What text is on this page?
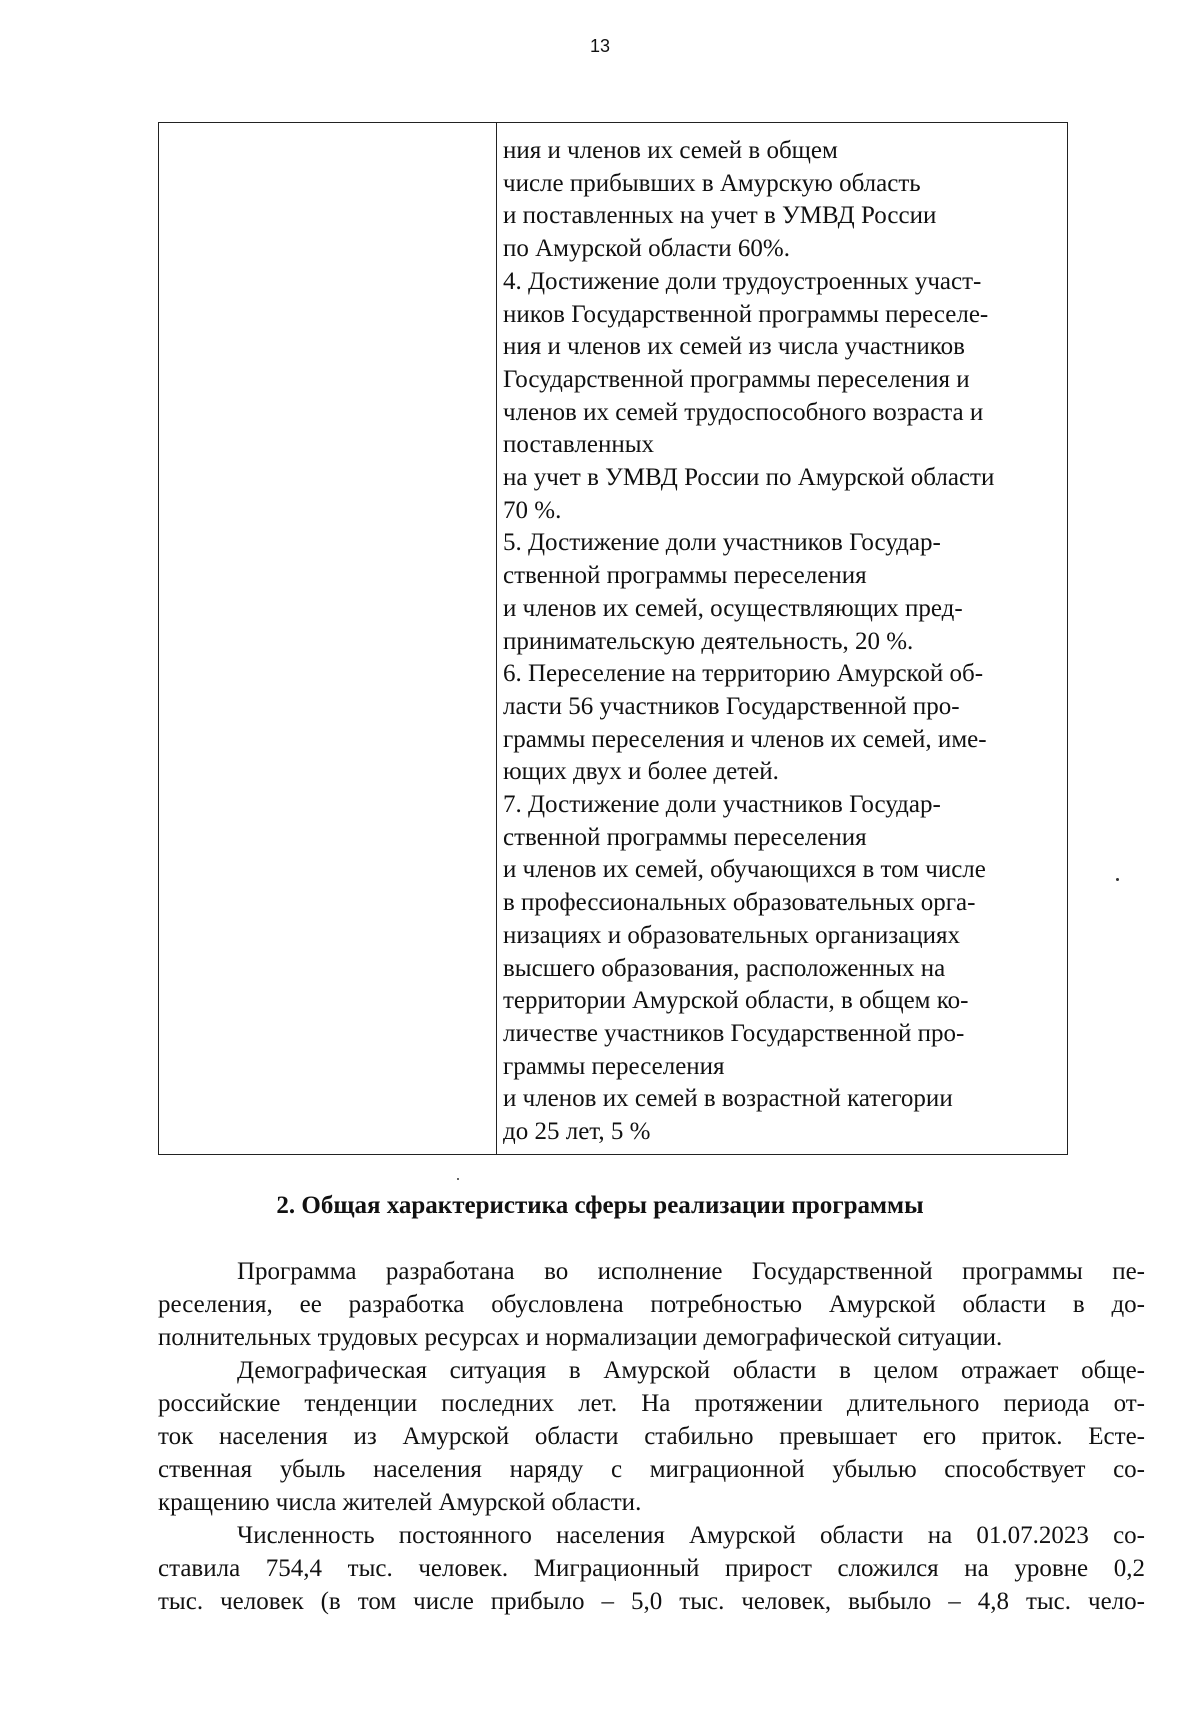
13
ния и членов их семей в общем
числе прибывших в Амурскую область
и поставленных на учет в УМВД России
по Амурской области 60%.
4. Достижение доли трудоустроенных участ-
ников Государственной программы переселе-
ния и членов их семей из числа участников
Государственной программы переселения и
членов их семей трудоспособного возраста и
поставленных
на учет в УМВД России по Амурской области
70 %.
5. Достижение доли участников Государ-
ственной программы переселения
и членов их семей, осуществляющих пред-
принимательскую деятельность, 20 %.
6. Переселение на территорию Амурской об-
ласти 56 участников Государственной про-
граммы переселения и членов их семей, име-
ющих двух и более детей.
7. Достижение доли участников Государ-
ственной программы переселения
и членов их семей, обучающихся в том числе
в профессиональных образовательных орга-
низациях и образовательных организациях
высшего образования, расположенных на
территории Амурской области, в общем ко-
личестве участников Государственной про-
граммы переселения
и членов их семей в возрастной категории
до 25 лет, 5 %
2. Общая характеристика сферы реализации программы
Программа разработана во исполнение Государственной программы пе-
реселения, ее разработка обусловлена потребностью Амурской области в до-
полнительных трудовых ресурсах и нормализации демографической ситуации.
Демографическая ситуация в Амурской области в целом отражает обще-
российские тенденции последних лет. На протяжении длительного периода от-
ток населения из Амурской области стабильно превышает его приток. Есте-
ственная убыль населения наряду с миграционной убылью способствует со-
кращению числа жителей Амурской области.
Численность постоянного населения Амурской области на 01.07.2023 со-
ставила 754,4 тыс. человек. Миграционный прирост сложился на уровне 0,2
тыс. человек (в том числе прибыло – 5,0 тыс. человек, выбыло – 4,8 тыс. чело-
